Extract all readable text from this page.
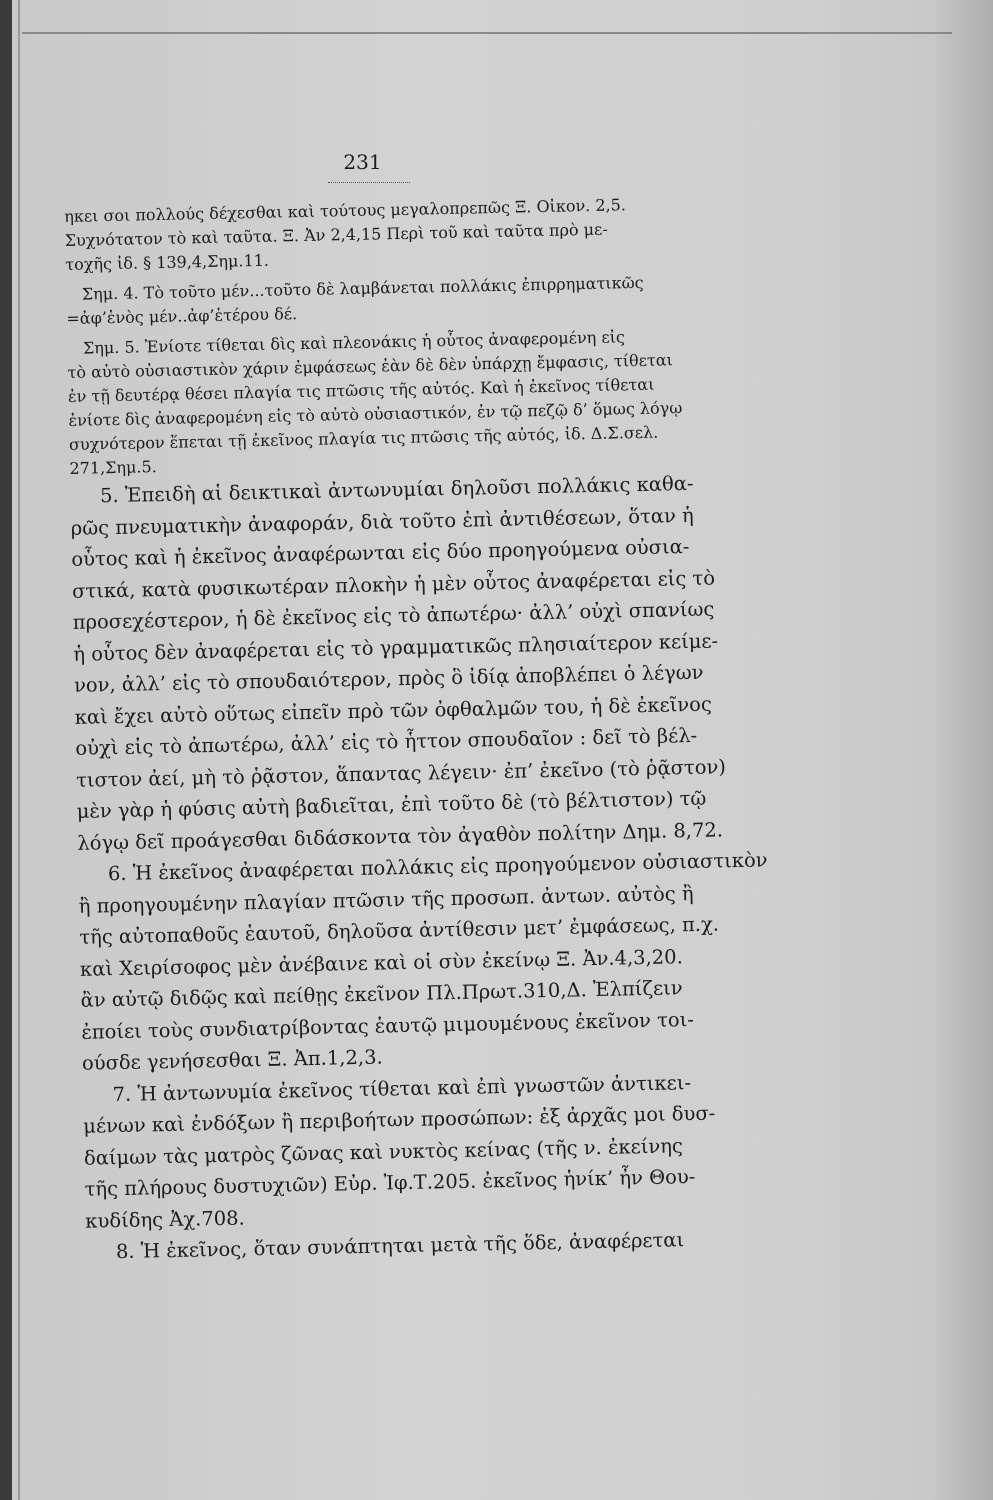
231
ηκει σοι πολλούς δέχεσθαι καὶ τούτους μεγαλοπρεπῶς Ξ. Οἰκον. 2,5.
Συχνότατον τὸ καὶ ταῦτα. Ξ. Ἀν 2,4,15 Περὶ τοῦ καὶ ταῦτα πρὸ με-
τοχῆς ἰδ. § 139,4,Σημ.11.
Σημ. 4. Τὸ τοῦτο μέν...τοῦτο δὲ λαμβάνεται πολλάκις ἐπιρρηματικῶς
=ἀφ’ἑνὸς μέν..ἀφ’ἑτέρου δέ.
Σημ. 5. Ἐνίοτε τίθεται δὶς καὶ πλεονάκις ἡ οὗτος ἀναφερομένη εἰς
τὸ αὐτὸ οὐσιαστικὸν χάριν ἐμφάσεως ἐὰν δὲ δὲν ὑπάρχῃ ἔμφασις, τίθεται
ἐν τῇ δευτέρᾳ θέσει πλαγία τις πτῶσις τῆς αὐτός. Καὶ ἡ ἐκεῖνος τίθεται
ἐνίοτε δὶς ἀναφερομένη εἰς τὸ αὐτὸ οὐσιαστικόν, ἐν τῷ πεζῷ δ’ ὅμως λόγῳ
συχνότερον ἕπεται τῇ ἐκεῖνος πλαγία τις πτῶσις τῆς αὐτός, ἰδ. Δ.Σ.σελ.
271,Σημ.5.
5. Ἐπειδὴ αἱ δεικτικαὶ ἀντωνυμίαι δηλοῦσι πολλάκις καθα-
ρῶς πνευματικὴν ἀναφοράν, διὰ τοῦτο ἐπὶ ἀντιθέσεων, ὅταν ἡ
οὗτος καὶ ἡ ἐκεῖνος ἀναφέρωνται εἰς δύο προηγούμενα οὐσια-
στικά, κατὰ φυσικωτέραν πλοκὴν ἡ μὲν οὗτος ἀναφέρεται εἰς τὸ
προσεχέστερον, ἡ δὲ ἐκεῖνος εἰς τὸ ἀπωτέρω· ἀλλ’ οὐχὶ σπανίως
ἡ οὗτος δὲν ἀναφέρεται εἰς τὸ γραμματικῶς πλησιαίτερον κείμε-
νον, ἀλλ’ εἰς τὸ σπουδαιότερον, πρὸς ὃ ἰδίᾳ ἀποβλέπει ὁ λέγων
καὶ ἔχει αὐτὸ οὕτως εἰπεῖν πρὸ τῶν ὀφθαλμῶν του, ἡ δὲ ἐκεῖνος
οὐχὶ εἰς τὸ ἀπωτέρω, ἀλλ’ εἰς τὸ ἧττον σπουδαῖον : δεῖ τὸ βέλ-
τιστον ἀεί, μὴ τὸ ῥᾷστον, ἅπαντας λέγειν· ἐπ’ ἐκεῖνο (τὸ ῥᾷστον)
μὲν γὰρ ἡ φύσις αὐτὴ βαδιεῖται, ἐπὶ τοῦτο δὲ (τὸ βέλτιστον) τῷ
λόγῳ δεῖ προάγεσθαι διδάσκοντα τὸν ἀγαθὸν πολίτην Δημ. 8,72.
6. Ἡ ἐκεῖνος ἀναφέρεται πολλάκις εἰς προηγούμενον οὐσιαστικὸν
ἢ προηγουμένην πλαγίαν πτῶσιν τῆς προσωπ. ἀντων. αὐτὸς ἢ
τῆς αὐτοπαθοῦς ἑαυτοῦ, δηλοῦσα ἀντίθεσιν μετ’ ἐμφάσεως, π.χ.
καὶ Χειρίσοφος μὲν ἀνέβαινε καὶ οἱ σὺν ἐκείνῳ Ξ. Ἀν.4,3,20.
ἂν αὐτῷ διδῷς καὶ πείθῃς ἐκεῖνον Πλ.Πρωτ.310,Δ. Ἐλπίζειν
ἐποίει τοὺς συνδιατρίβοντας ἑαυτῷ μιμουμένους ἐκεῖνον τοι-
ούσδε γενήσεσθαι Ξ. Ἀπ.1,2,3.
7. Ἡ ἀντωνυμία ἐκεῖνος τίθεται καὶ ἐπὶ γνωστῶν ἀντικει-
μένων καὶ ἐνδόξων ἢ περιβοήτων προσώπων: ἐξ ἀρχᾶς μοι δυσ-
δαίμων τὰς ματρὸς ζῶνας καὶ νυκτὸς κείνας (τῆς ν. ἐκείνης
τῆς πλήρους δυστυχιῶν) Εὐρ. Ἰφ.Τ.205. ἐκεῖνος ἡνίκ’ ἦν Θου-
κυδίδης Ἀχ.708.
8. Ἡ ἐκεῖνος, ὅταν συνάπτηται μετὰ τῆς ὅδε, ἀναφέρεται
